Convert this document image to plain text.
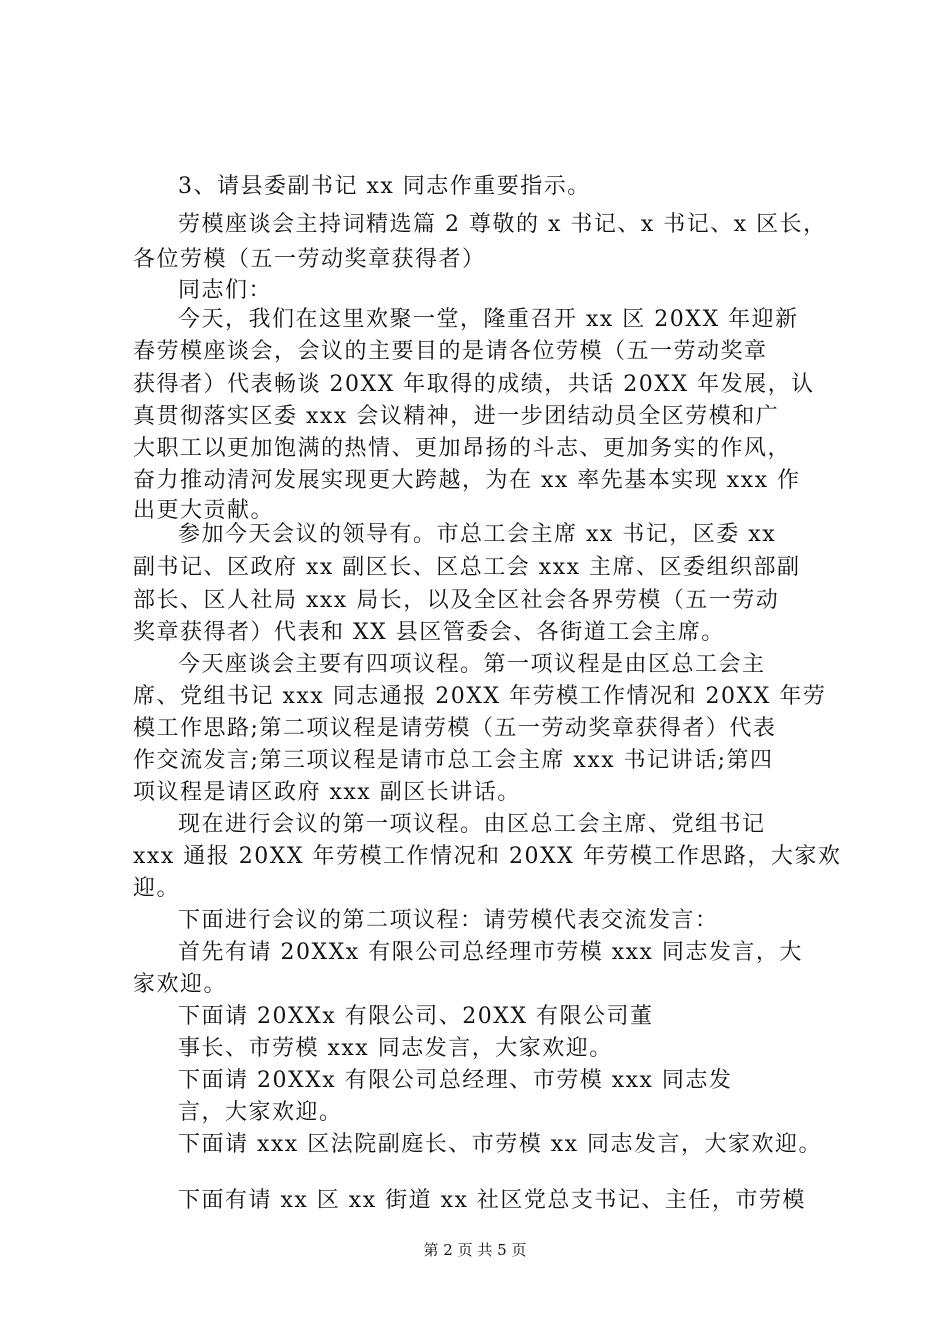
3、请县委副书记 xx 同志作重要指示。
劳模座谈会主持词精选篇 2 尊敬的 x 书记、x 书记、x 区长，
各位劳模（五一劳动奖章获得者）
同志们：
今天，我们在这里欢聚一堂，隆重召开 xx 区 20XX 年迎新
春劳模座谈会，会议的主要目的是请各位劳模（五一劳动奖章
获得者）代表畅谈 20XX 年取得的成绩，共话 20XX 年发展，认
真贯彻落实区委 xxx 会议精神，进一步团结动员全区劳模和广
大职工以更加饱满的热情、更加昂扬的斗志、更加务实的作风，
奋力推动清河发展实现更大跨越，为在 xx 率先基本实现 xxx 作
出更大贡献。
参加今天会议的领导有。市总工会主席 xx 书记，区委 xx
副书记、区政府 xx 副区长、区总工会 xxx 主席、区委组织部副
部长、区人社局 xxx 局长，以及全区社会各界劳模（五一劳动
奖章获得者）代表和 XX 县区管委会、各街道工会主席。
今天座谈会主要有四项议程。第一项议程是由区总工会主
席、党组书记 xxx 同志通报 20XX 年劳模工作情况和 20XX 年劳
模工作思路;第二项议程是请劳模（五一劳动奖章获得者）代表
作交流发言;第三项议程是请市总工会主席 xxx 书记讲话;第四
项议程是请区政府 xxx 副区长讲话。
现在进行会议的第一项议程。由区总工会主席、党组书记
xxx 通报 20XX 年劳模工作情况和 20XX 年劳模工作思路，大家欢
迎。
下面进行会议的第二项议程：请劳模代表交流发言：
首先有请 20XXx 有限公司总经理市劳模 xxx 同志发言，大
家欢迎。
下面请 20XXx 有限公司、20XX 有限公司董
事长、市劳模 xxx 同志发言，大家欢迎。
下面请 20XXx 有限公司总经理、市劳模 xxx 同志发
言，大家欢迎。
下面请 xxx 区法院副庭长、市劳模 xx 同志发言，大家欢迎。
下面有请 xx 区 xx 街道 xx 社区党总支书记、主任，市劳模
第 2 页 共 5 页
